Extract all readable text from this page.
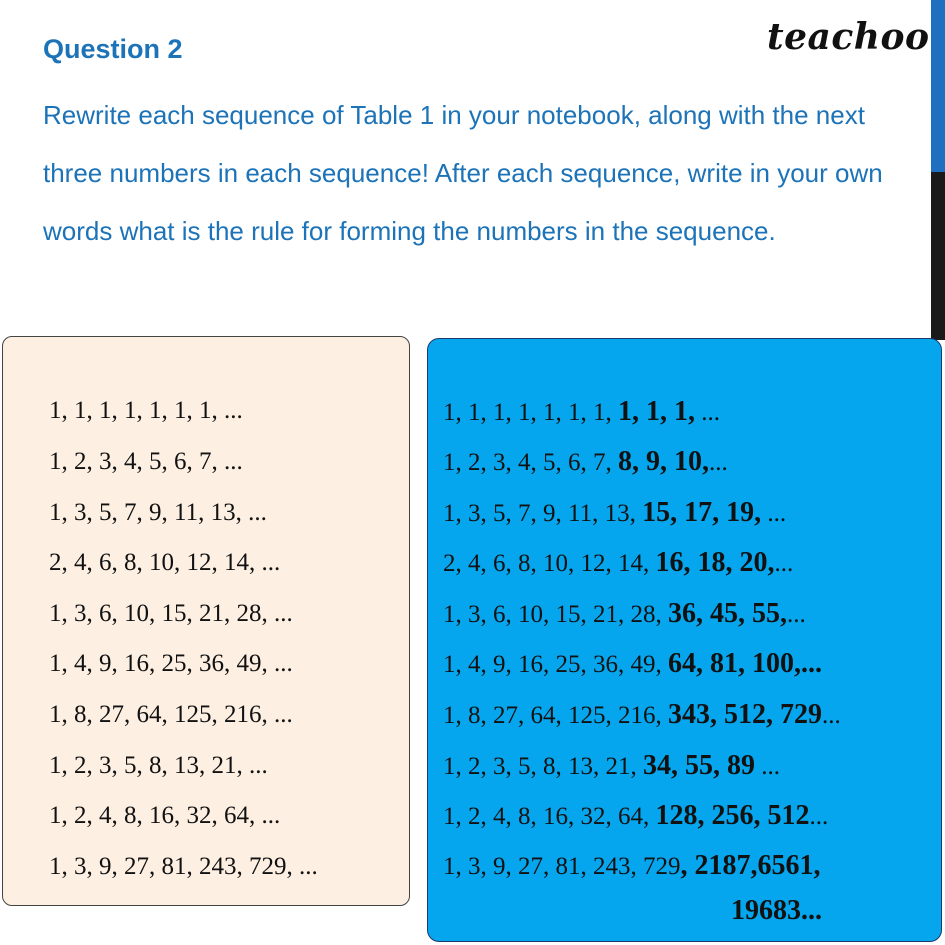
Question 2	teachoo
Rewrite each sequence of Table 1 in your notebook, along with the next three numbers in each sequence! After each sequence, write in your own words what is the rule for forming the numbers in the sequence.
1, 1, 1, 1, 1, 1, 1, ...
1, 2, 3, 4, 5, 6, 7, ...
1, 3, 5, 7, 9, 11, 13, ...
2, 4, 6, 8, 10, 12, 14, ...
1, 3, 6, 10, 15, 21, 28, ...
1, 4, 9, 16, 25, 36, 49, ...
1, 8, 27, 64, 125, 216, ...
1, 2, 3, 5, 8, 13, 21, ...
1, 2, 4, 8, 16, 32, 64, ...
1, 3, 9, 27, 81, 243, 729, ...
1, 1, 1, 1, 1, 1, 1, 1, 1, 1, ...
1, 2, 3, 4, 5, 6, 7, 8, 9, 10,...
1, 3, 5, 7, 9, 11, 13, 15, 17, 19, ...
2, 4, 6, 8, 10, 12, 14, 16, 18, 20,...
1, 3, 6, 10, 15, 21, 28, 36, 45, 55,...
1, 4, 9, 16, 25, 36, 49, 64, 81, 100,...
1, 8, 27, 64, 125, 216, 343, 512, 729...
1, 2, 3, 5, 8, 13, 21, 34, 55, 89 ...
1, 2, 4, 8, 16, 32, 64, 128, 256, 512...
1, 3, 9, 27, 81, 243, 729, 2187,6561,
19683...
